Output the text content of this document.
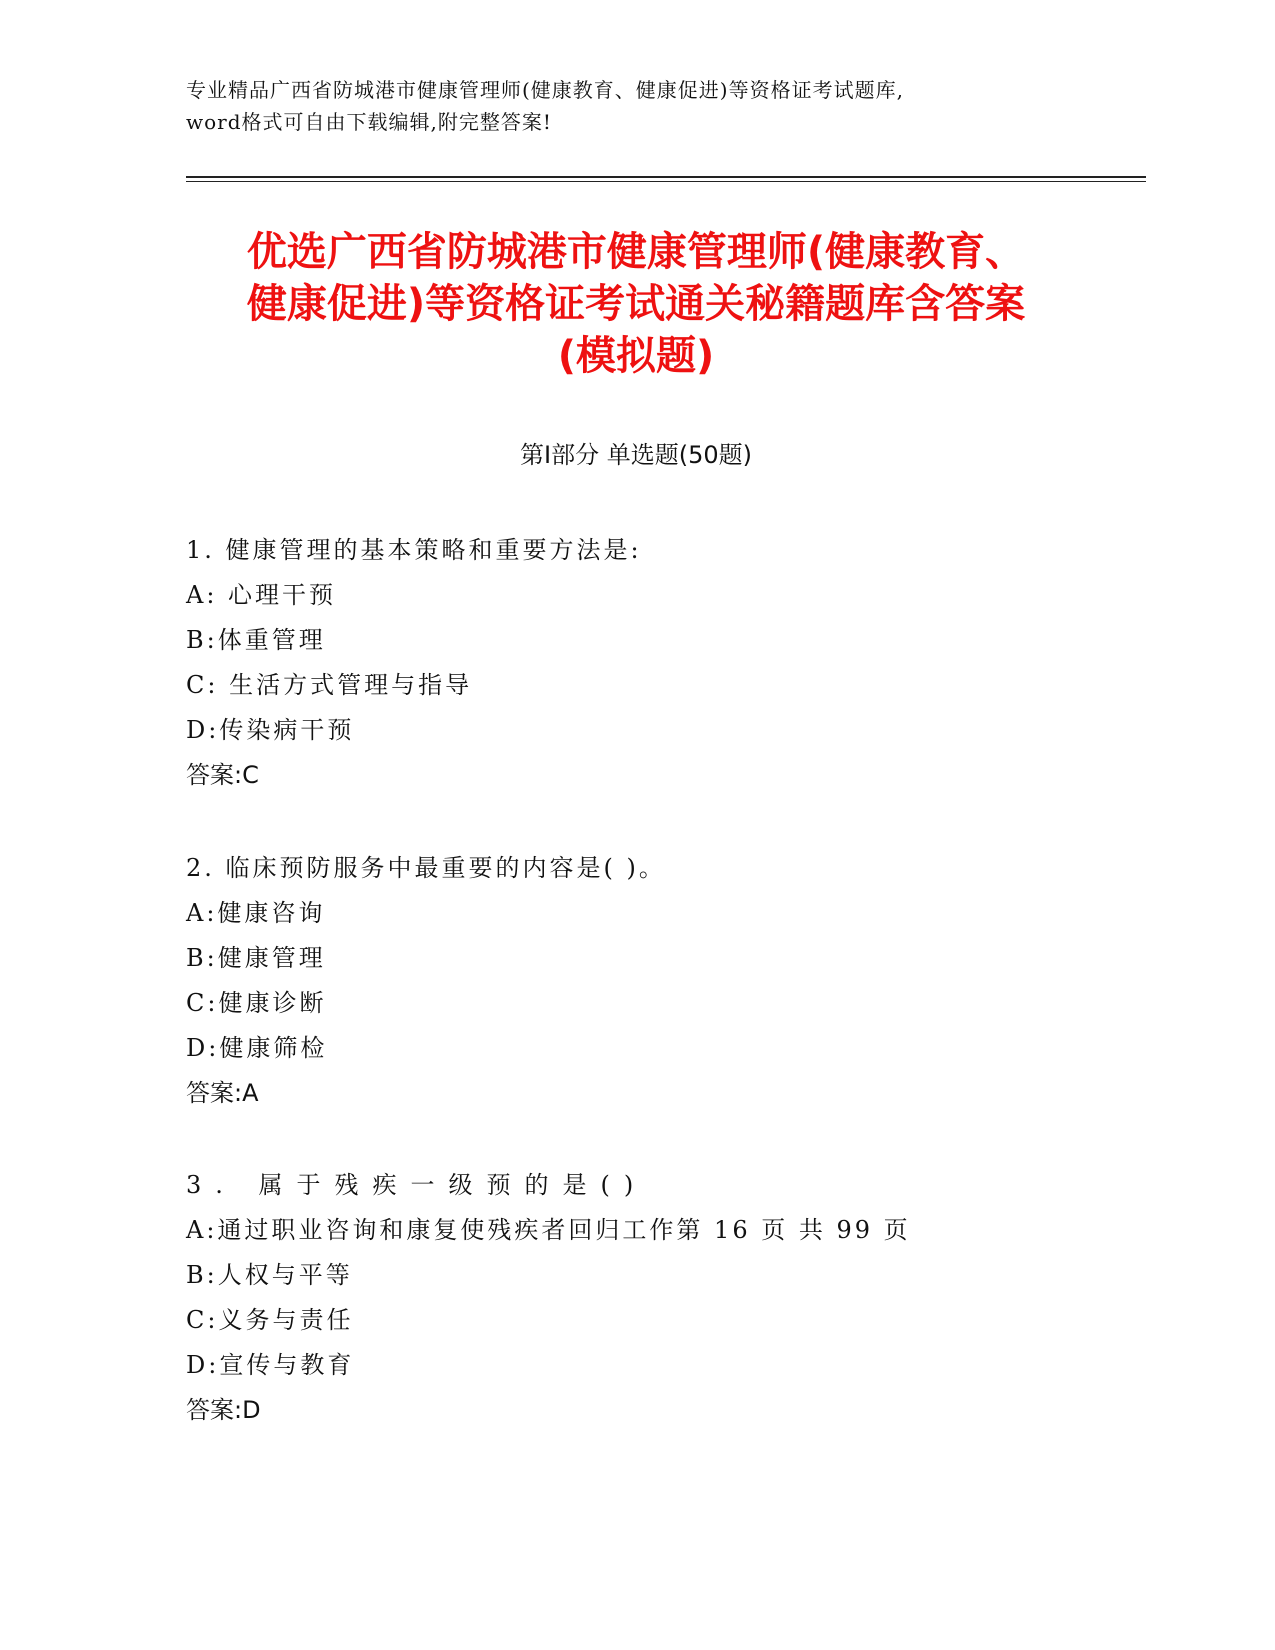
专业精品广西省防城港市健康管理师(健康教育、健康促进)等资格证考试题库,
word格式可自由下载编辑,附完整答案!
优选广西省防城港市健康管理师(健康教育、
健康促进)等资格证考试通关秘籍题库含答案
(模拟题)
第Ⅰ部分 单选题(50题)
1. 健康管理的基本策略和重要方法是:
A: 心理干预
B:体重管理
C: 生活方式管理与指导
D:传染病干预
答案:C
2. 临床预防服务中最重要的内容是( )。
A:健康咨询
B:健康管理
C:健康诊断
D:健康筛检
答案:A
3. 属于残疾一级预的是()
A:通过职业咨询和康复使残疾者回归工作第 16 页 共 99 页
B:人权与平等
C:义务与责任
D:宣传与教育
答案:D
